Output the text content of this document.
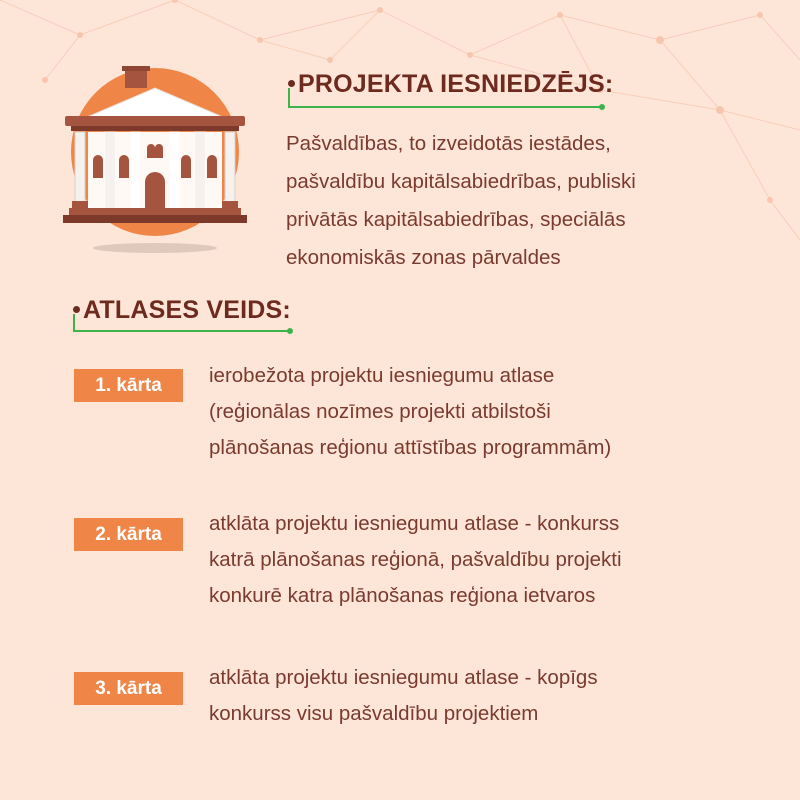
PROJEKTA IESNIEDZĒJS:
Pašvaldības, to izveidotās iestādes,
pašvaldību kapitālsabiedrības, publiski
privātās kapitālsabiedrības, speciālās
ekonomiskās zonas pārvaldes
ATLASES VEIDS:
1. kārta	ierobežota projektu iesniegumu atlase
(reģionālas nozīmes projekti atbilstoši
plānošanas reģionu attīstības programmām)
2. kārta	atklāta projektu iesniegumu atlase - konkurss
katrā plānošanas reģionā, pašvaldību projekti
konkurē katra plānošanas reģiona ietvaros
3. kārta	atklāta projektu iesniegumu atlase - kopīgs
konkurss visu pašvaldību projektiem
